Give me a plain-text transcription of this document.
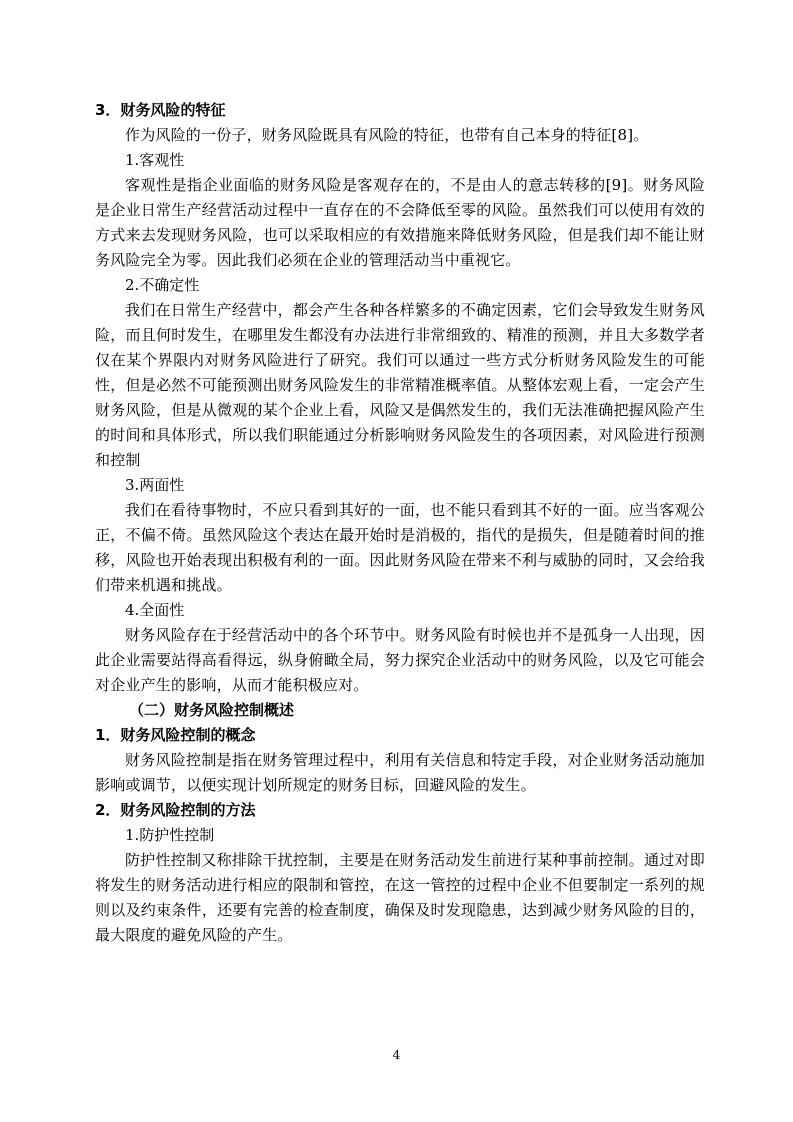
3．财务风险的特征

作为风险的一份子，财务风险既具有风险的特征，也带有自己本身的特征[8]。

1.客观性

客观性是指企业面临的财务风险是客观存在的，不是由人的意志转移的[9]。财务风险是企业日常生产经营活动过程中一直存在的不会降低至零的风险。虽然我们可以使用有效的方式来去发现财务风险，也可以采取相应的有效措施来降低财务风险，但是我们却不能让财务风险完全为零。因此我们必须在企业的管理活动当中重视它。

2.不确定性

我们在日常生产经营中，都会产生各种各样繁多的不确定因素，它们会导致发生财务风险，而且何时发生，在哪里发生都没有办法进行非常细致的、精准的预测，并且大多数学者仅在某个界限内对财务风险进行了研究。我们可以通过一些方式分析财务风险发生的可能性，但是必然不可能预测出财务风险发生的非常精准概率值。从整体宏观上看，一定会产生财务风险，但是从微观的某个企业上看，风险又是偶然发生的，我们无法准确把握风险产生的时间和具体形式，所以我们职能通过分析影响财务风险发生的各项因素，对风险进行预测和控制

3.两面性

我们在看待事物时，不应只看到其好的一面，也不能只看到其不好的一面。应当客观公正，不偏不倚。虽然风险这个表达在最开始时是消极的，指代的是损失，但是随着时间的推移，风险也开始表现出积极有利的一面。因此财务风险在带来不利与威胁的同时，又会给我们带来机遇和挑战。

4.全面性

财务风险存在于经营活动中的各个环节中。财务风险有时候也并不是孤身一人出现，因此企业需要站得高看得远，纵身俯瞰全局，努力探究企业活动中的财务风险，以及它可能会对企业产生的影响，从而才能积极应对。

（二）财务风险控制概述
1．财务风险控制的概念

财务风险控制是指在财务管理过程中，利用有关信息和特定手段，对企业财务活动施加影响或调节，以便实现计划所规定的财务目标，回避风险的发生。

2．财务风险控制的方法
1.防护性控制

防护性控制又称排除干扰控制，主要是在财务活动发生前进行某种事前控制。通过对即将发生的财务活动进行相应的限制和管控，在这一管控的过程中企业不但要制定一系列的规则以及约束条件，还要有完善的检查制度，确保及时发现隐患，达到减少财务风险的目的，最大限度的避免风险的产生。

4
